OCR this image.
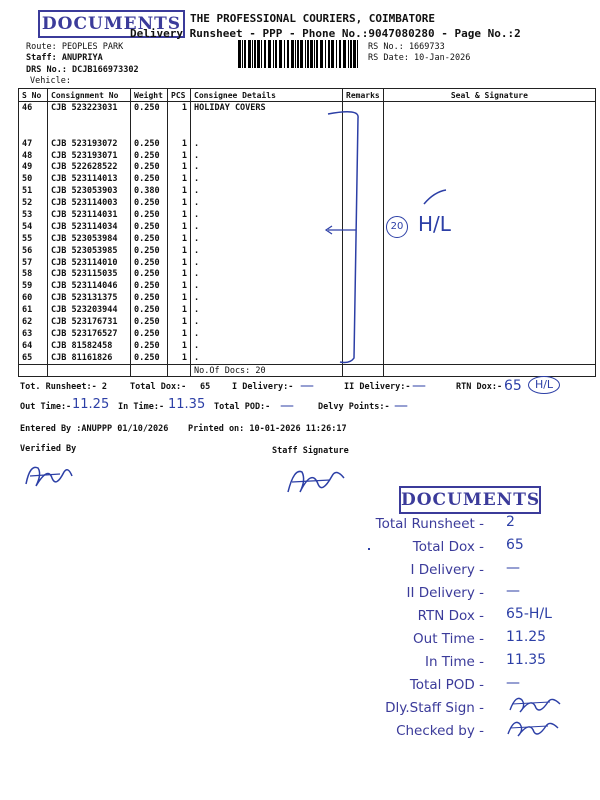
DOCUMENTS THE PROFESSIONAL COURIERS, COIMBATORE
Delivery Runsheet - PPP - Phone No.:9047080280 - Page No.:2
Route: PEOPLES PARK
Staff: ANUPRIYA
DRS No.: DCJB166973302
Vehicle:
RS No.: 1669733
RS Date: 10-Jan-2026
S No	Consignment No	Weight	PCS	Consignee Details	Remarks	Seal & Signature
46	CJB 523223031	0.250	1	HOLIDAY COVERS		

47	CJB 523193072	0.250	1	.		
48	CJB 523193071	0.250	1	.		
49	CJB 522628522	0.250	1	.		
50	CJB 523114013	0.250	1	.		
51	CJB 523053903	0.380	1	.		
52	CJB 523114003	0.250	1	.		
53	CJB 523114031	0.250	1	.		
54	CJB 523114034	0.250	1	.		
55	CJB 523053984	0.250	1	.		
56	CJB 523053985	0.250	1	.		
57	CJB 523114010	0.250	1	.		
58	CJB 523115035	0.250	1	.		
59	CJB 523114046	0.250	1	.		
60	CJB 523131375	0.250	1	.		
61	CJB 523203944	0.250	1	.		
62	CJB 523176731	0.250	1	.		
63	CJB 523176527	0.250	1	.		
64	CJB 81582458	0.250	1	.		
65	CJB 81161826	0.250	1	.		
				No.Of Docs: 20		
20 H/L
Tot. Runsheet:- 2	Total Dox:- 65	I Delivery:- —	II Delivery:- —	RTN Dox:- 65	H/L
Out Time:- 11.25 In Time:- 11.35 Total POD:- —	Delvy Points:- —
Entered By :ANUPPP 01/10/2026 Printed on: 10-01-2026 11:26:17
Verified By	Staff Signature
DOCUMENTS
Total Runsheet - 2
Total Dox - 65
I Delivery - —
II Delivery - —
RTN Dox - 65-H/L
Out Time - 11.25
In Time - 11.35
Total POD - —
Dly.Staff Sign -
Checked by -
